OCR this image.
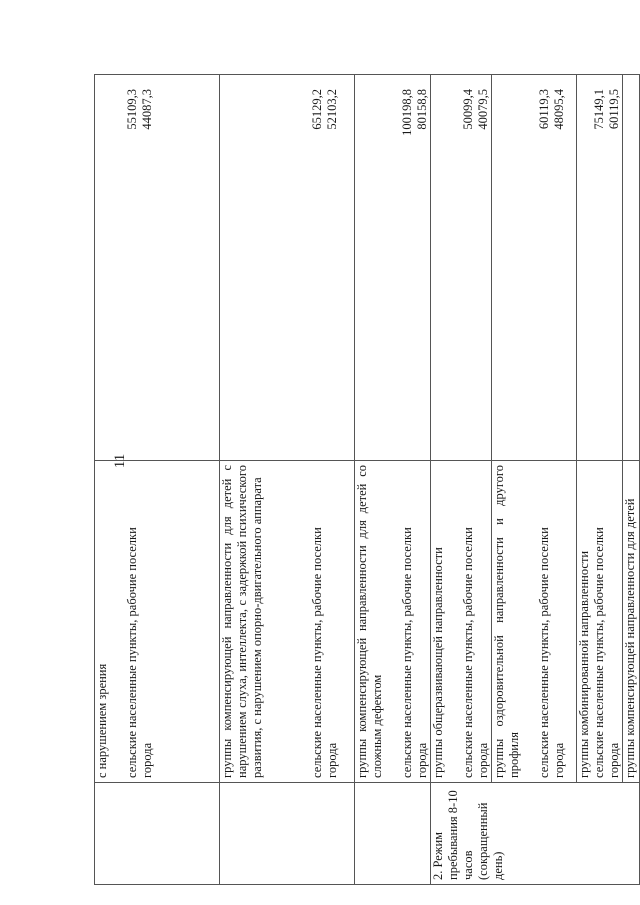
11

	с нарушением зрения сельские населенные пункты, рабочие поселки города	55109,3 44087,3

	группы компенсирующей направленности для детей с нарушением слуха, интеллекта, с задержкой психического развития, с нарушением опорно-двигательного аппарата сельские населенные пункты, рабочие поселки города	65129,2 52103,2

	группы компенсирующей направленности для детей со сложным дефектом сельские населенные пункты, рабочие поселки города	100198,8 80158,8

2. Режим пребывания 8-10 часов (сокращенный день)	группы общеразвивающей направленности сельские населенные пункты, рабочие поселки города	50099,4 40079,5

	группы оздоровительной направленности и другого профиля сельские населенные пункты, рабочие поселки города	60119,3 48095,4

	группы комбинированной направленности сельские населенные пункты, рабочие поселки города	75149,1 60119,5

	группы компенсирующей направленности для детей	
